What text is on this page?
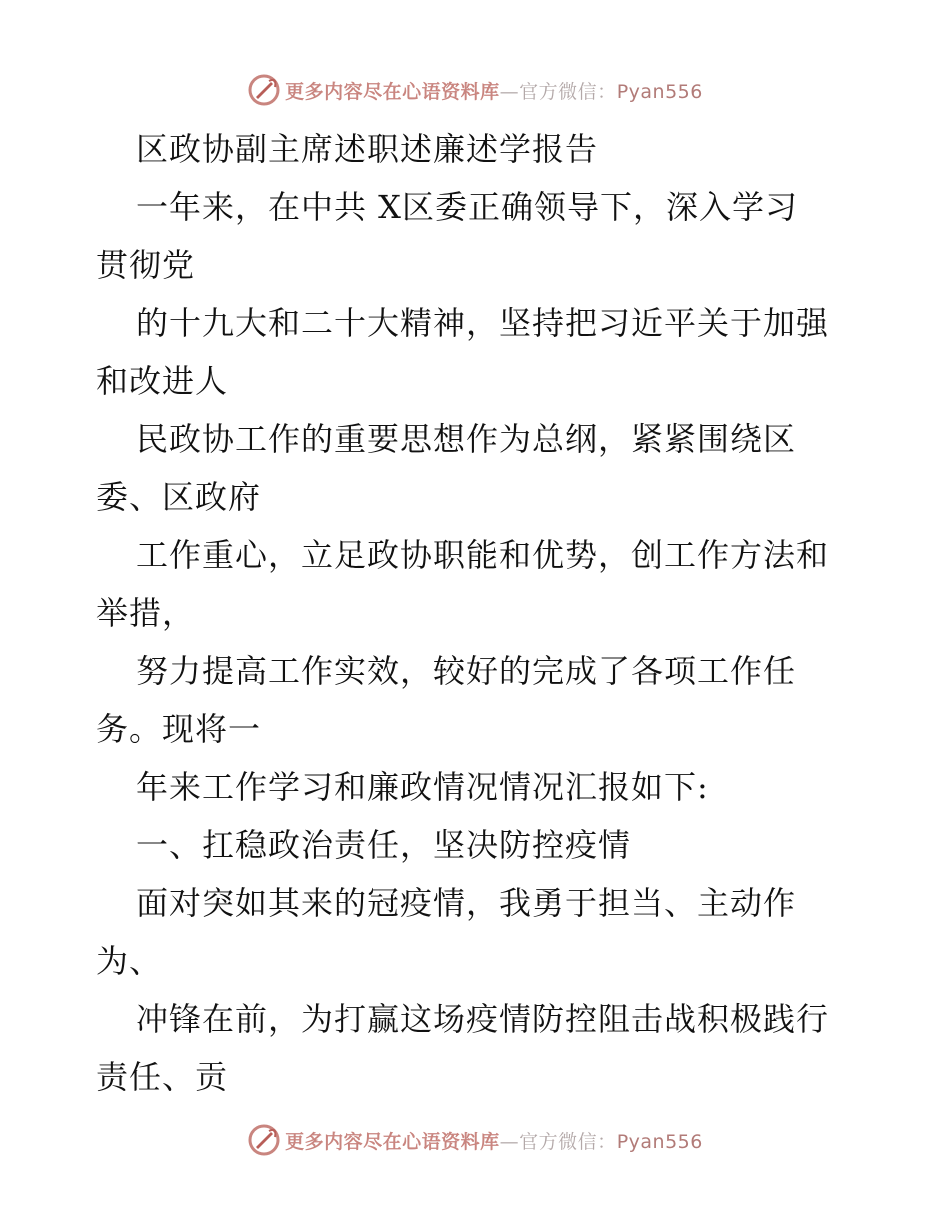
更多内容尽在心语资料库—官方微信：Pyan556
区政协副主席述职述廉述学报告
一年来，在中共 X区委正确领导下，深入学习
贯彻党
的十九大和二十大精神，坚持把习近平关于加强
和改进人
民政协工作的重要思想作为总纲，紧紧围绕区
委、区政府
工作重心，立足政协职能和优势，创工作方法和
举措，
努力提高工作实效，较好的完成了各项工作任
务。现将一
年来工作学习和廉政情况情况汇报如下:
一、扛稳政治责任，坚决防控疫情
面对突如其来的冠疫情，我勇于担当、主动作
为、
冲锋在前，为打赢这场疫情防控阻击战积极践行
责任、贡
更多内容尽在心语资料库—官方微信：Pyan556
